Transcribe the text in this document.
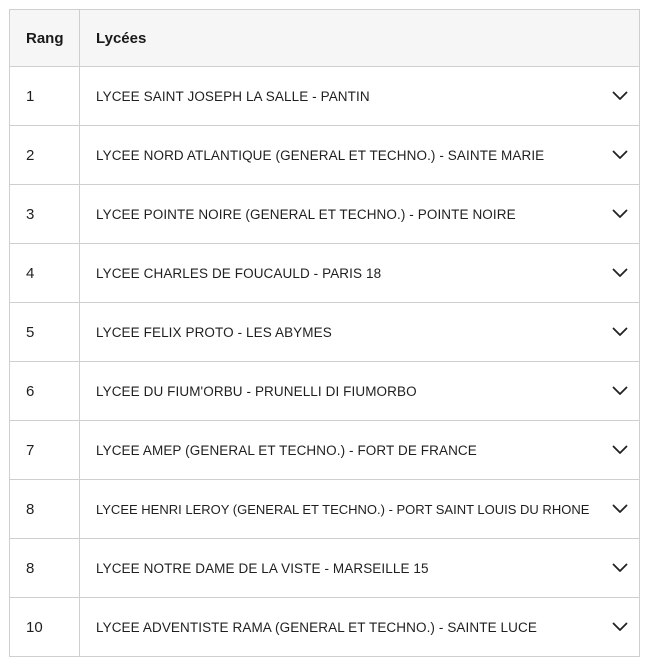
Rang	Lycées
1	LYCEE SAINT JOSEPH LA SALLE - PANTIN

2	LYCEE NORD ATLANTIQUE (GENERAL ET TECHNO.) - SAINTE MARIE

3	LYCEE POINTE NOIRE (GENERAL ET TECHNO.) - POINTE NOIRE

4	LYCEE CHARLES DE FOUCAULD - PARIS 18

5	LYCEE FELIX PROTO - LES ABYMES

6	LYCEE DU FIUM'ORBU - PRUNELLI DI FIUMORBO

7	LYCEE AMEP (GENERAL ET TECHNO.) - FORT DE FRANCE

8	LYCEE HENRI LEROY (GENERAL ET TECHNO.) - PORT SAINT LOUIS DU RHONE

8	LYCEE NOTRE DAME DE LA VISTE - MARSEILLE 15

10	LYCEE ADVENTISTE RAMA (GENERAL ET TECHNO.) - SAINTE LUCE
